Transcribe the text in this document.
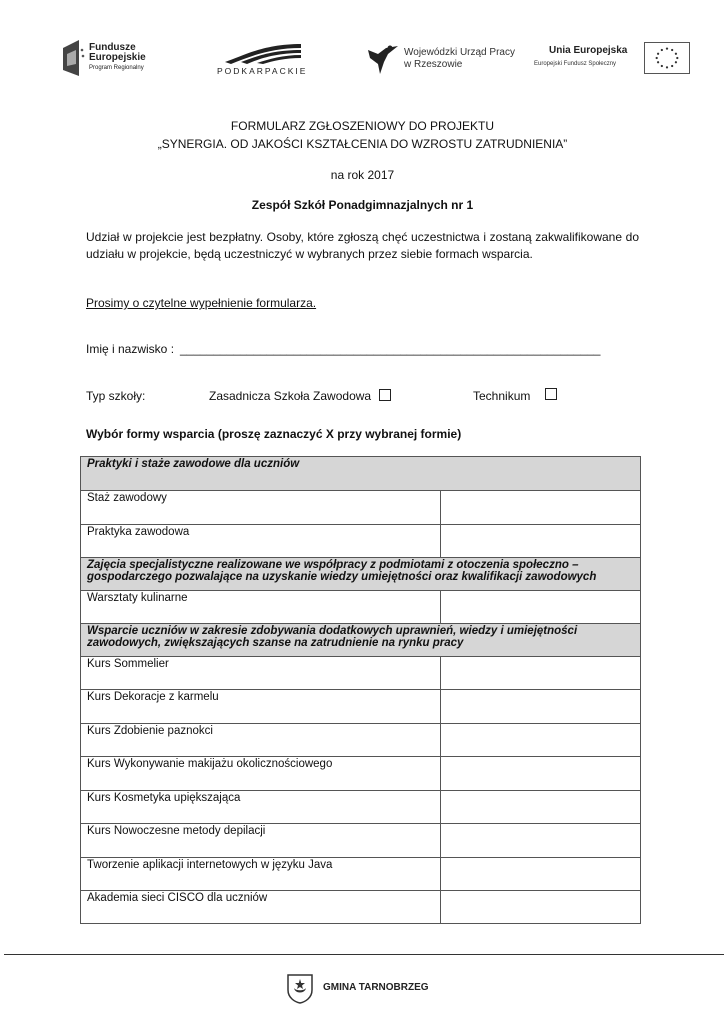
Fundusze
Europejskie
Program Regionalny	PODKARPACKIE
Wojewódzki Urząd Pracy
w Rzeszowie
Unia Europejska
Europejski Fundusz Społeczny
FORMULARZ ZGŁOSZENIOWY DO PROJEKTU
„SYNERGIA. OD JAKOŚCI KSZTAŁCENIA DO WZROSTU ZATRUDNIENIA”
na rok 2017
Zespół Szkół Ponadgimnazjalnych nr 1
Udział w projekcie jest bezpłatny. Osoby, które zgłoszą chęć uczestnictwa i zostaną zakwalifikowane do udziału w projekcie, będą uczestniczyć w wybranych przez siebie formach wsparcia.
Prosimy o czytelne wypełnienie formularza.
Imię i nazwisko : _______________________________________________________________
Typ szkoły:	Zasadnicza Szkoła Zawodowa	Technikum
Wybór formy wsparcia (proszę zaznaczyć X przy wybranej formie)
Praktyki i staże zawodowe dla uczniów	
Staż zawodowy	
Praktyka zawodowa	
Zajęcia specjalistyczne realizowane we współpracy z podmiotami z otoczenia społeczno – gospodarczego pozwalające na uzyskanie wiedzy umiejętności oraz kwalifikacji zawodowych	
Warsztaty kulinarne	
Wsparcie uczniów w zakresie zdobywania dodatkowych uprawnień, wiedzy i umiejętności zawodowych, zwiększających szanse na zatrudnienie na rynku pracy	
Kurs Sommelier	
Kurs Dekoracje z karmelu	
Kurs Zdobienie paznokci	
Kurs Wykonywanie makijażu okolicznościowego	
Kurs Kosmetyka upiększająca	
Kurs Nowoczesne metody depilacji	
Tworzenie aplikacji internetowych w języku Java	
Akademia sieci CISCO dla uczniów	
GMINA TARNOBRZEG
